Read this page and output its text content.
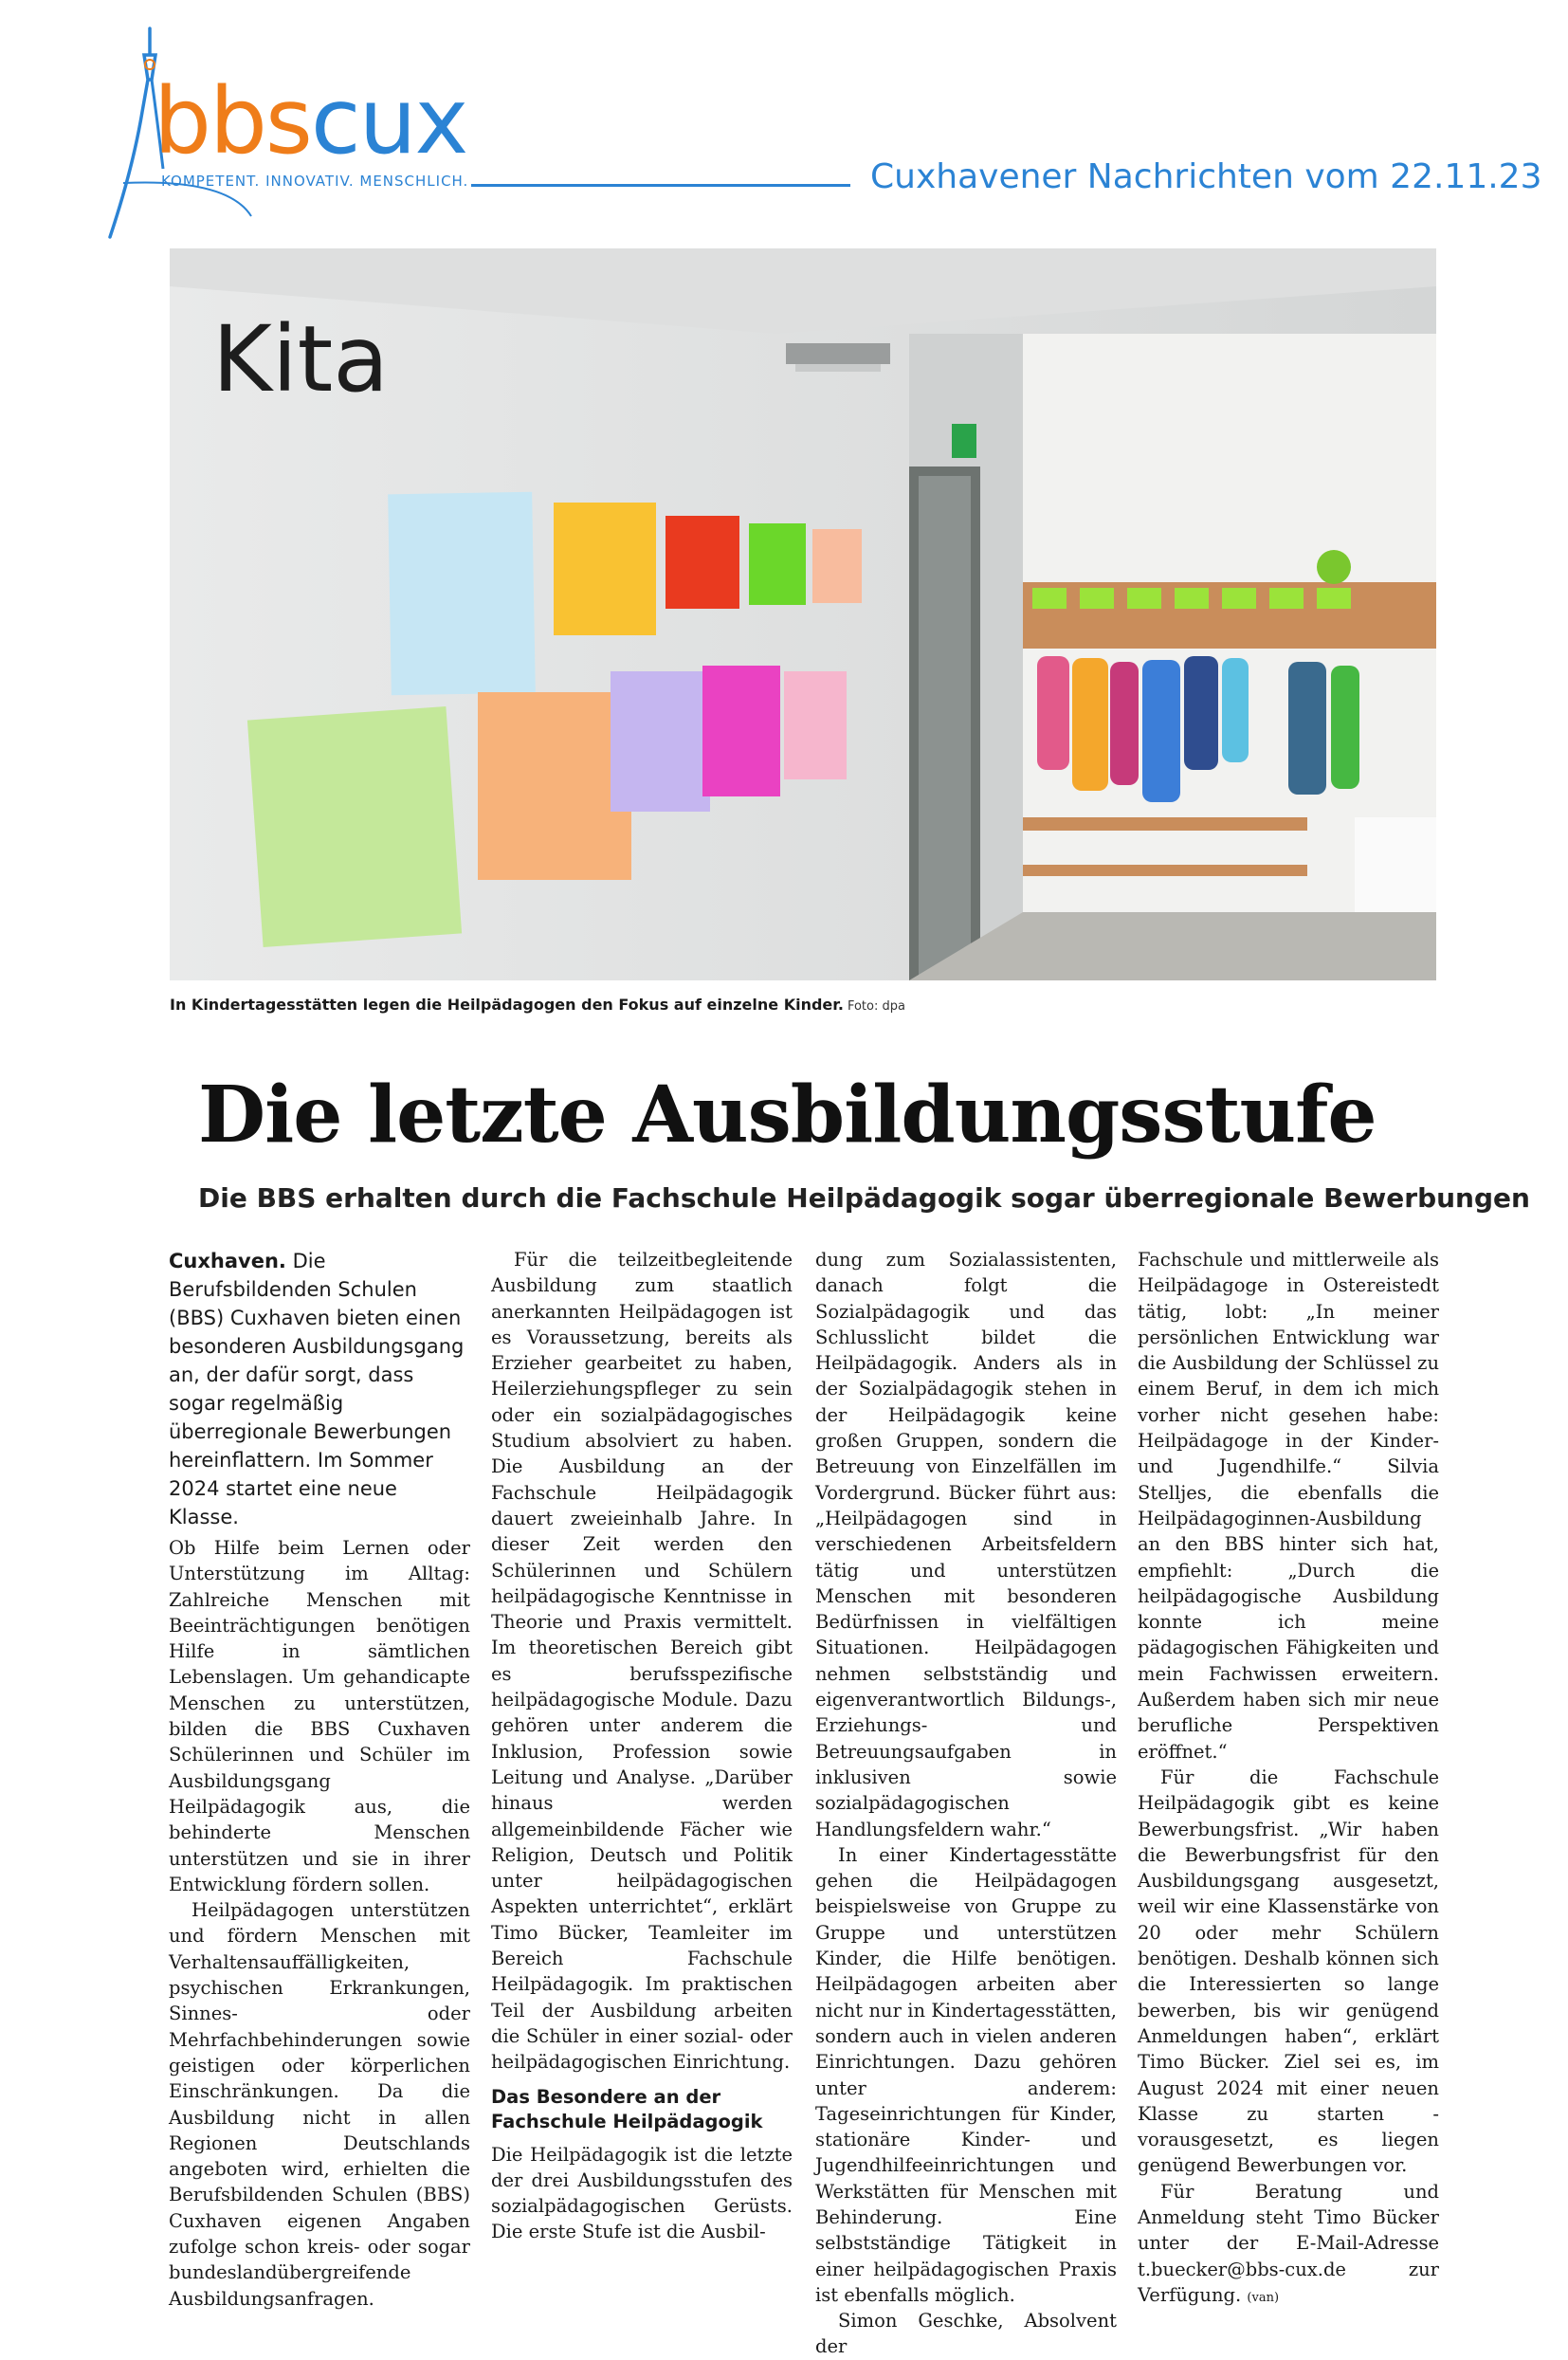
bbscux
KOMPETENT. INNOVATIV. MENSCHLICH.	Cuxhavener Nachrichten vom 22.11.23
Kita
In Kindertagesstätten legen die Heilpädagogen den Fokus auf einzelne Kinder. Foto: dpa
Die letzte Ausbildungsstufe
Die BBS erhalten durch die Fachschule Heilpädagogik sogar überregionale Bewerbungen

Cuxhaven. Die Berufsbildenden Schulen (BBS) Cuxhaven bieten einen besonderen Ausbildungsgang an, der dafür sorgt, dass sogar regelmäßig überregionale Bewerbungen hereinflattern. Im Sommer 2024 startet eine neue Klasse.

Ob Hilfe beim Lernen oder Unterstützung im Alltag: Zahlreiche Menschen mit Beeinträchtigungen benötigen Hilfe in sämtlichen Lebenslagen. Um gehandicapte Menschen zu unterstützen, bilden die BBS Cuxhaven Schülerinnen und Schüler im Ausbildungsgang Heilpädagogik aus, die behinderte Menschen unterstützen und sie in ihrer Entwicklung fördern sollen.

Heilpädagogen unterstützen und fördern Menschen mit Verhaltensauffälligkeiten, psychischen Erkrankungen, Sinnes- oder Mehrfachbehinderungen sowie geistigen oder körperlichen Einschränkungen. Da die Ausbildung nicht in allen Regionen Deutschlands angeboten wird, erhielten die Berufsbildenden Schulen (BBS) Cuxhaven eigenen Angaben zufolge schon kreis- oder sogar bundeslandübergreifende Ausbildungsanfragen.

Für die teilzeitbegleitende Ausbildung zum staatlich anerkannten Heilpädagogen ist es Voraussetzung, bereits als Erzieher gearbeitet zu haben, Heilerziehungspfleger zu sein oder ein sozialpädagogisches Studium absolviert zu haben. Die Ausbildung an der Fachschule Heilpädagogik dauert zweieinhalb Jahre. In dieser Zeit werden den Schülerinnen und Schülern heilpädagogische Kenntnisse in Theorie und Praxis vermittelt. Im theoretischen Bereich gibt es berufsspezifische heilpädagogische Module. Dazu gehören unter anderem die Inklusion, Profession sowie Leitung und Analyse. „Darüber hinaus werden allgemeinbildende Fächer wie Religion, Deutsch und Politik unter heilpädagogischen Aspekten unterrichtet“, erklärt Timo Bücker, Teamleiter im Bereich Fachschule Heilpädagogik. Im praktischen Teil der Ausbildung arbeiten die Schüler in einer sozial- oder heilpädagogischen Einrichtung.

Das Besondere an der Fachschule Heilpädagogik

Die Heilpädagogik ist die letzte der drei Ausbildungsstufen des sozialpädagogischen Gerüsts. Die erste Stufe ist die Ausbil-

dung zum Sozialassistenten, danach folgt die Sozialpädagogik und das Schlusslicht bildet die Heilpädagogik. Anders als in der Sozialpädagogik stehen in der Heilpädagogik keine großen Gruppen, sondern die Betreuung von Einzelfällen im Vordergrund. Bücker führt aus: „Heilpädagogen sind in verschiedenen Arbeitsfeldern tätig und unterstützen Menschen mit besonderen Bedürfnissen in vielfältigen Situationen. Heilpädagogen nehmen selbstständig und eigenverantwortlich Bildungs-, Erziehungs- und Betreuungsaufgaben in inklusiven sowie sozialpädagogischen Handlungsfeldern wahr.“

In einer Kindertagesstätte gehen die Heilpädagogen beispielsweise von Gruppe zu Gruppe und unterstützen Kinder, die Hilfe benötigen. Heilpädagogen arbeiten aber nicht nur in Kindertagesstätten, sondern auch in vielen anderen Einrichtungen. Dazu gehören unter anderem: Tageseinrichtungen für Kinder, stationäre Kinder- und Jugendhilfeeinrichtungen und Werkstätten für Menschen mit Behinderung. Eine selbstständige Tätigkeit in einer heilpädagogischen Praxis ist ebenfalls möglich.

Simon Geschke, Absolvent der

Fachschule und mittlerweile als Heilpädagoge in Ostereistedt tätig, lobt: „In meiner persönlichen Entwicklung war die Ausbildung der Schlüssel zu einem Beruf, in dem ich mich vorher nicht gesehen habe: Heilpädagoge in der Kinder- und Jugendhilfe.“ Silvia Stelljes, die ebenfalls die Heilpädagoginnen-Ausbildung an den BBS hinter sich hat, empfiehlt: „Durch die heilpädagogische Ausbildung konnte ich meine pädagogischen Fähigkeiten und mein Fachwissen erweitern. Außerdem haben sich mir neue berufliche Perspektiven eröffnet.“

Für die Fachschule Heilpädagogik gibt es keine Bewerbungsfrist. „Wir haben die Bewerbungsfrist für den Ausbildungsgang ausgesetzt, weil wir eine Klassenstärke von 20 oder mehr Schülern benötigen. Deshalb können sich die Interessierten so lange bewerben, bis wir genügend Anmeldungen haben“, erklärt Timo Bücker. Ziel sei es, im August 2024 mit einer neuen Klasse zu starten - vorausgesetzt, es liegen genügend Bewerbungen vor.

Für Beratung und Anmeldung steht Timo Bücker unter der E-Mail-Adresse t.buecker@bbs-cux.de zur Verfügung. (van)
